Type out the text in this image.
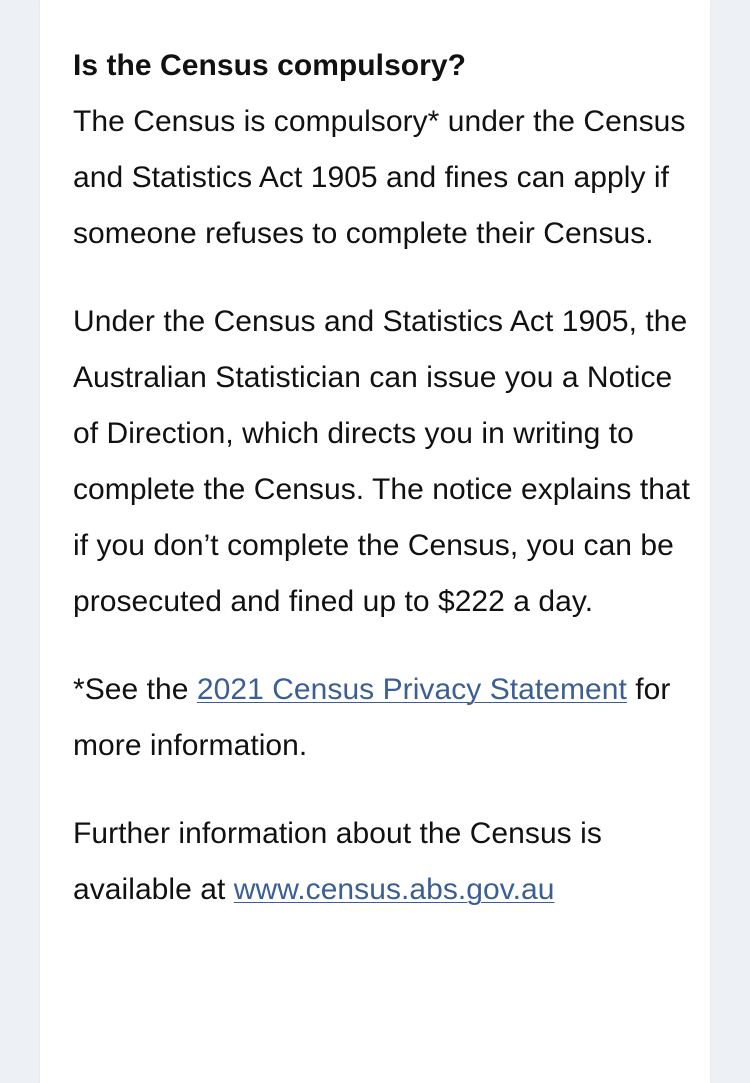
Is the Census compulsory?

The Census is compulsory* under the Census and Statistics Act 1905 and fines can apply if someone refuses to complete their Census.

Under the Census and Statistics Act 1905, the Australian Statistician can issue you a Notice of Direction, which directs you in writing to complete the Census. The notice explains that if you don’t complete the Census, you can be prosecuted and fined up to $222 a day.

*See the 2021 Census Privacy Statement for more information.

Further information about the Census is available at www.census.abs.gov.au
